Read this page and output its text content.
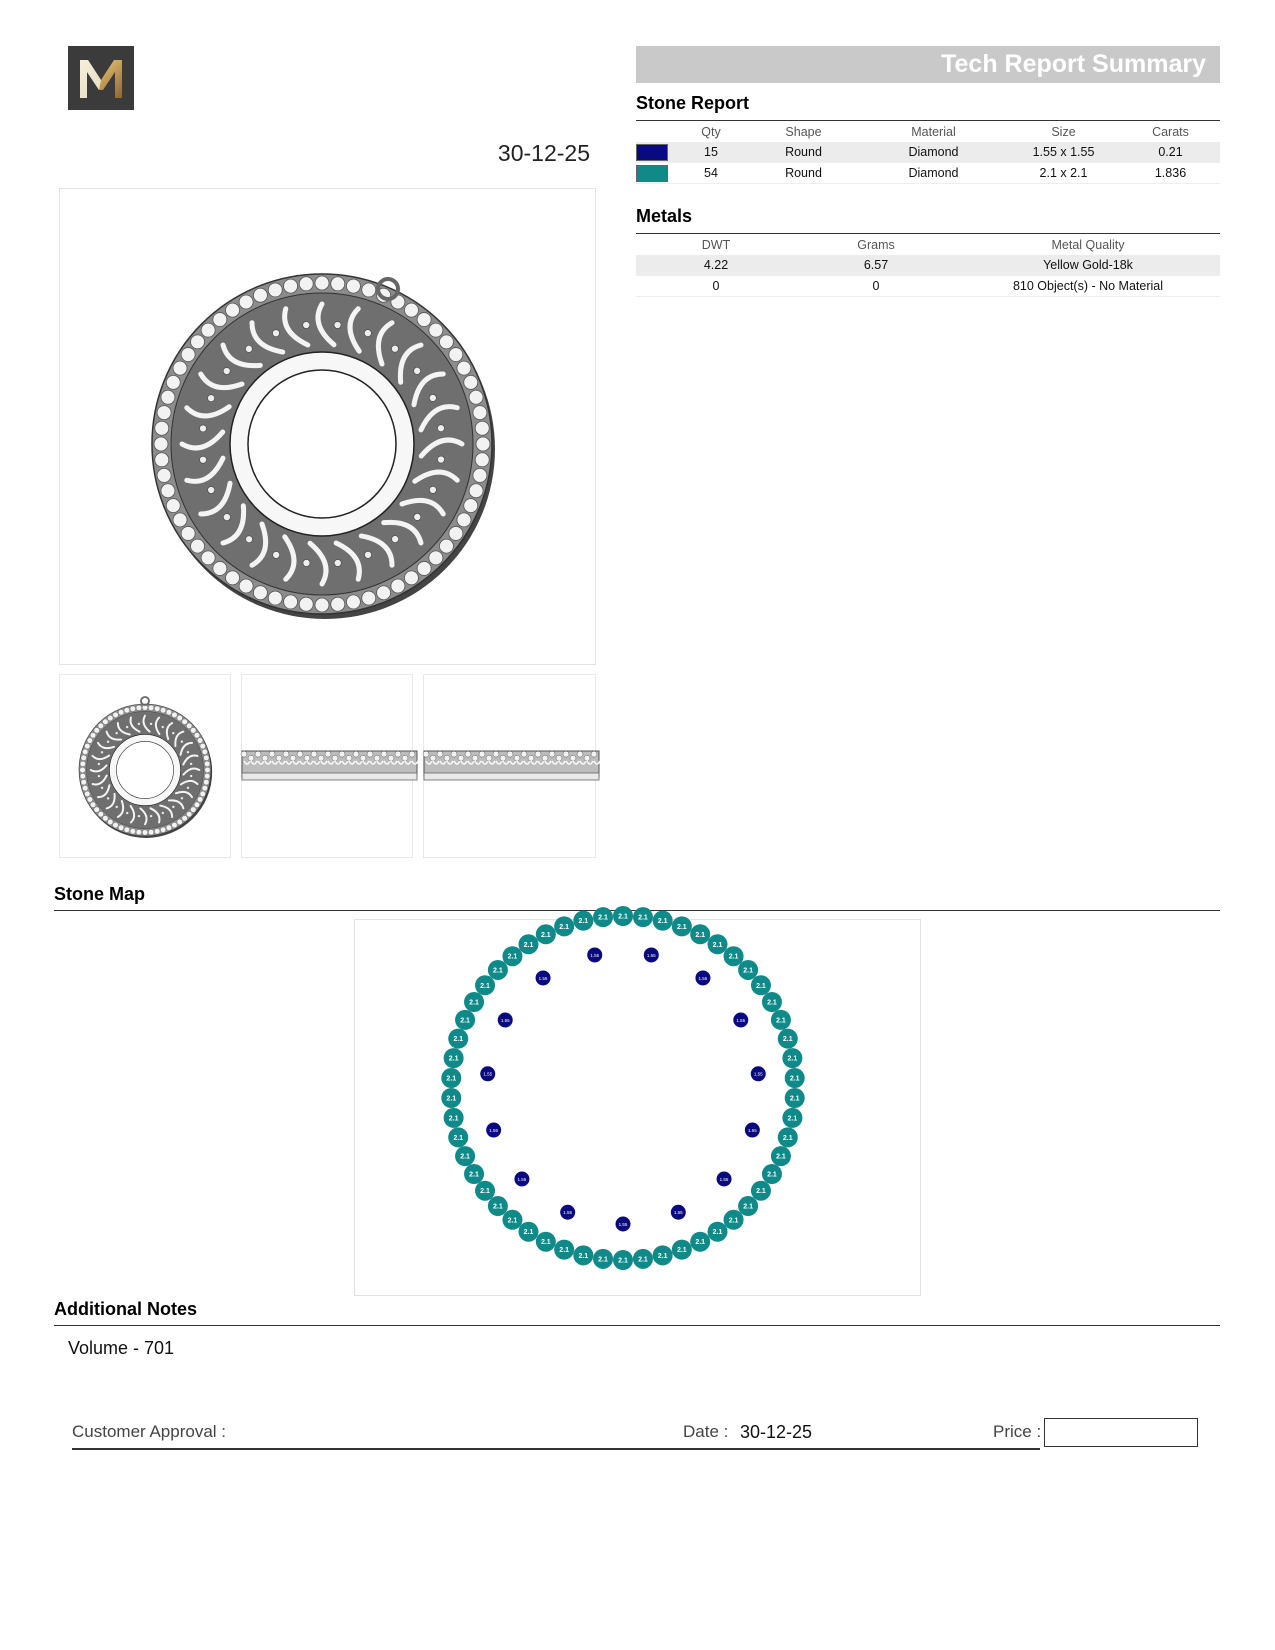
30-12-25
Tech Report Summary
Stone Report
	Qty	Shape	Material	Size	Carats
	15	Round	Diamond	1.55 x 1.55	0.21
	54	Round	Diamond	2.1 x 2.1	1.836
Metals
DWT	Grams	Metal Quality
4.22	6.57	Yellow Gold-18k
0	0	810 Object(s) - No Material
Stone Map
2.1 2.1 2.1
2.1
2.1
2.1
2.1
2.1
2.1
2.1
2.1
2.1
2.1
2.1
2.1
2.1
2.1
2.1
2.1
2.1
2.1
2.1
2.1
2.1
2.1
2.1
2.1
2.1
2.1
2.1
2.1
2.1
2.1
2.1
2.1
2.1
2.1
2.1
2.1
2.1
2.1
2.1
2.1
2.1
2.1
2.1
2.1
2.1
2.1
2.1
2.1
2.1
2.1 2.1
1.55
1.55
1.55
1.55
1.55
1.55
1.55
1.55
1.55
1.55
1.55
1.55
1.55
1.55
1.55
Additional Notes
Volume - 701
Customer Approval :	Date : 30-12-25	Price :
